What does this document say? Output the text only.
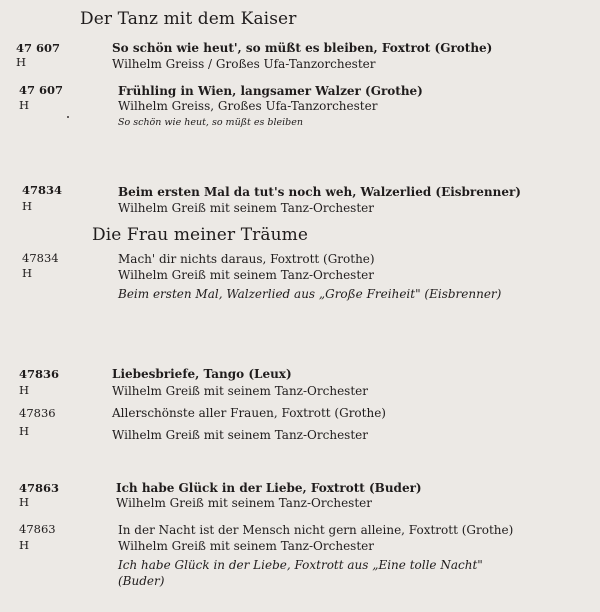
Der Tanz mit dem Kaiser
47 607
H
So schön wie heut', so müßt es bleiben, Foxtrot (Grothe)
Wilhelm Greiss / Großes Ufa-Tanzorchester
47 607
H
Frühling in Wien, langsamer Walzer (Grothe)
Wilhelm Greiss, Großes Ufa-Tanzorchester
So schön wie heut, so müßt es bleiben
47834
H
Beim ersten Mal da tut's noch weh, Walzerlied (Eisbrenner)
Wilhelm Greiß mit seinem Tanz-Orchester
Die Frau meiner Träume
47834
H
Mach' dir nichts daraus, Foxtrott (Grothe)
Wilhelm Greiß mit seinem Tanz-Orchester
Beim ersten Mal, Walzerlied aus „Große Freiheit" (Eisbrenner)
47836
H
Liebesbriefe, Tango (Leux)
Wilhelm Greiß mit seinem Tanz-Orchester
47836
H
Allerschönste aller Frauen, Foxtrott (Grothe)
Wilhelm Greiß mit seinem Tanz-Orchester
47863
H
Ich habe Glück in der Liebe, Foxtrott (Buder)
Wilhelm Greiß mit seinem Tanz-Orchester
47863
H
In der Nacht ist der Mensch nicht gern alleine, Foxtrott (Grothe)
Wilhelm Greiß mit seinem Tanz-Orchester
Ich habe Glück in der Liebe, Foxtrott aus „Eine tolle Nacht"
(Buder)
